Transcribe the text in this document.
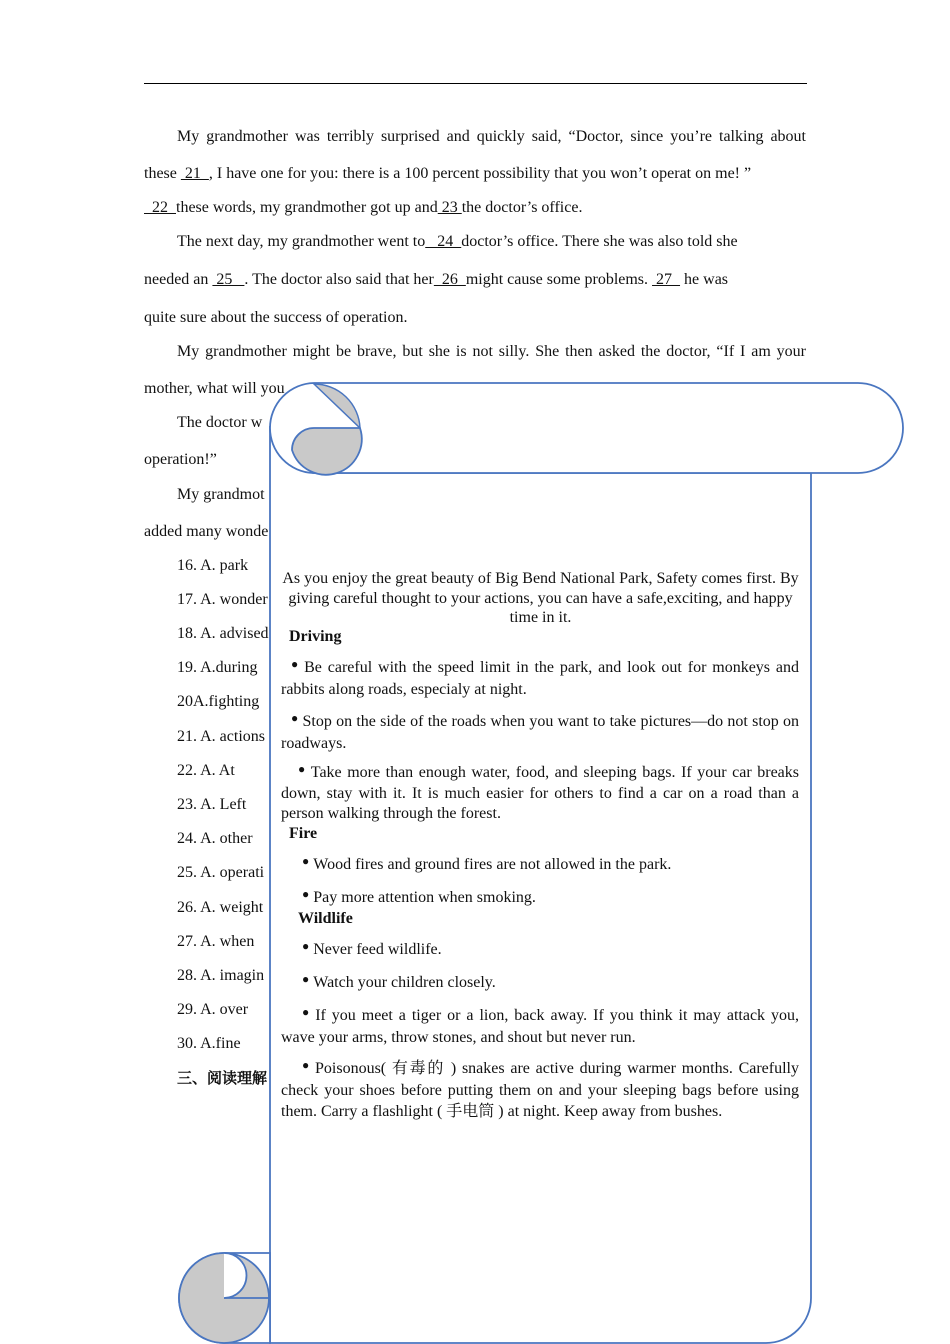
My grandmother was terribly surprised and quickly said, “Doctor, since you’re talking about
these  21  , I have one for you: there is a 100 percent possibility that you won’t operat on me! ”
22  these words, my grandmother got up and 23 the doctor’s office.
The next day, my grandmother went to   24  doctor’s office. There she was also told she
needed an  25   . The doctor also said that her  26  might cause some problems.  27   he was
quite sure about the success of operation.
My grandmother might be brave, but she is not silly. She then asked the doctor, “If I am your
mother, what will you
The doctor w
operation!”
My grandmot
added many wonde
16. A. park
17. A. wonder
18. A. advised
19. A.during
20A.fighting
21. A. actions
22. A. At
23. A. Left
24. A. other
25. A. operati
26. A. weight
27. A. when
28. A. imagin
29. A. over
30. A.fine
三、阅读理解
As you enjoy the great beauty of Big Bend National Park, Safety comes first. By giving careful thought to your actions, you can have a safe,exciting, and happy time in it.
Driving
● Be careful with the speed limit in the park, and look out for monkeys and rabbits along roads, especialy at night.
● Stop on the side of the roads when you want to take pictures—do not stop on roadways.
● Take more than enough water, food, and sleeping bags. If your car breaks down, stay with it. It is much easier for others to find a car on a road than a person walking through the forest.
Fire
● Wood fires and ground fires are not allowed in the park.
● Pay more attention when smoking.
Wildlife
● Never feed wildlife.
● Watch your children closely.
● If you meet a tiger or a lion, back away. If you think it may attack you, wave your arms, throw stones, and shout but never run.
● Poisonous( 有毒的 ) snakes are active during warmer months. Carefully check your shoes before putting them on and your sleeping bags before using them. Carry a flashlight ( 手电筒 ) at night. Keep away from bushes.
